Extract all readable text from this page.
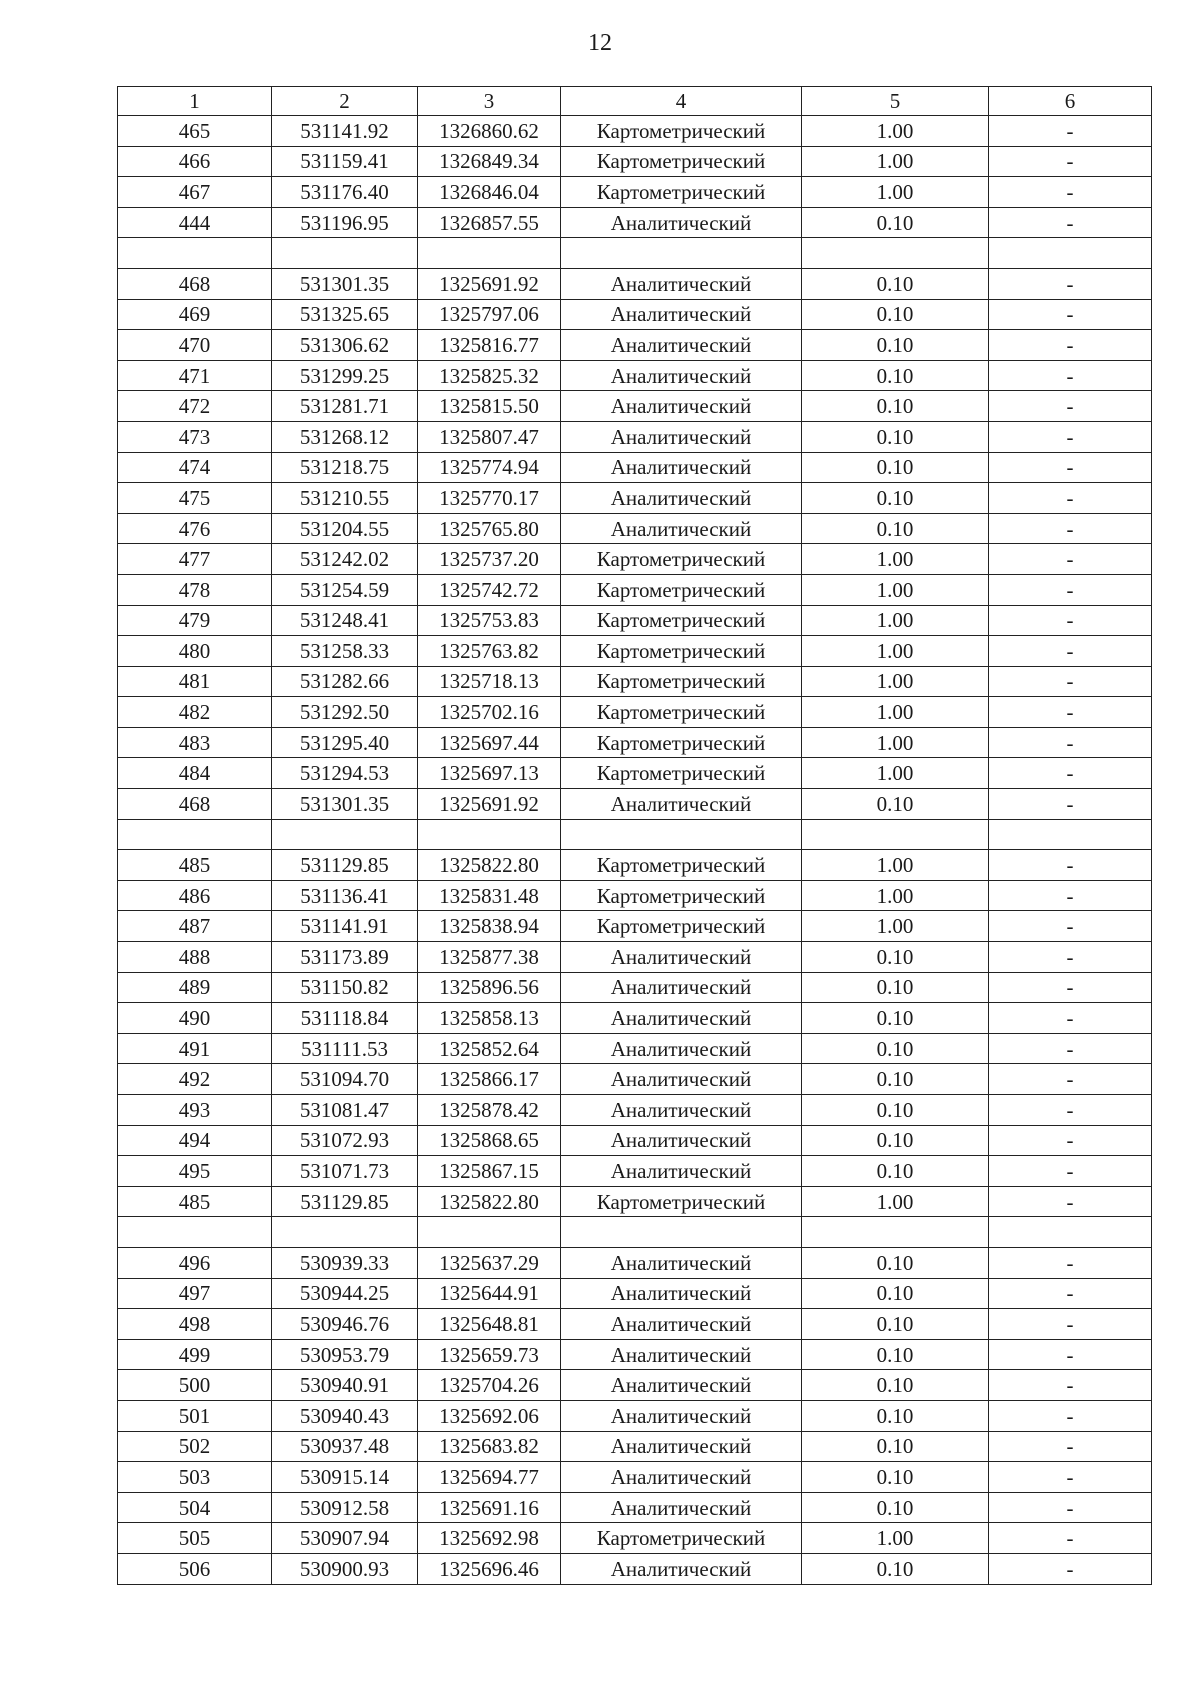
12
1	2	3	4	5	6
465	531141.92	1326860.62	Картометрический	1.00	-
466	531159.41	1326849.34	Картометрический	1.00	-
467	531176.40	1326846.04	Картометрический	1.00	-
444	531196.95	1326857.55	Аналитический	0.10	-

468	531301.35	1325691.92	Аналитический	0.10	-
469	531325.65	1325797.06	Аналитический	0.10	-
470	531306.62	1325816.77	Аналитический	0.10	-
471	531299.25	1325825.32	Аналитический	0.10	-
472	531281.71	1325815.50	Аналитический	0.10	-
473	531268.12	1325807.47	Аналитический	0.10	-
474	531218.75	1325774.94	Аналитический	0.10	-
475	531210.55	1325770.17	Аналитический	0.10	-
476	531204.55	1325765.80	Аналитический	0.10	-
477	531242.02	1325737.20	Картометрический	1.00	-
478	531254.59	1325742.72	Картометрический	1.00	-
479	531248.41	1325753.83	Картометрический	1.00	-
480	531258.33	1325763.82	Картометрический	1.00	-
481	531282.66	1325718.13	Картометрический	1.00	-
482	531292.50	1325702.16	Картометрический	1.00	-
483	531295.40	1325697.44	Картометрический	1.00	-
484	531294.53	1325697.13	Картометрический	1.00	-
468	531301.35	1325691.92	Аналитический	0.10	-

485	531129.85	1325822.80	Картометрический	1.00	-
486	531136.41	1325831.48	Картометрический	1.00	-
487	531141.91	1325838.94	Картометрический	1.00	-
488	531173.89	1325877.38	Аналитический	0.10	-
489	531150.82	1325896.56	Аналитический	0.10	-
490	531118.84	1325858.13	Аналитический	0.10	-
491	531111.53	1325852.64	Аналитический	0.10	-
492	531094.70	1325866.17	Аналитический	0.10	-
493	531081.47	1325878.42	Аналитический	0.10	-
494	531072.93	1325868.65	Аналитический	0.10	-
495	531071.73	1325867.15	Аналитический	0.10	-
485	531129.85	1325822.80	Картометрический	1.00	-

496	530939.33	1325637.29	Аналитический	0.10	-
497	530944.25	1325644.91	Аналитический	0.10	-
498	530946.76	1325648.81	Аналитический	0.10	-
499	530953.79	1325659.73	Аналитический	0.10	-
500	530940.91	1325704.26	Аналитический	0.10	-
501	530940.43	1325692.06	Аналитический	0.10	-
502	530937.48	1325683.82	Аналитический	0.10	-
503	530915.14	1325694.77	Аналитический	0.10	-
504	530912.58	1325691.16	Аналитический	0.10	-
505	530907.94	1325692.98	Картометрический	1.00	-
506	530900.93	1325696.46	Аналитический	0.10	-
